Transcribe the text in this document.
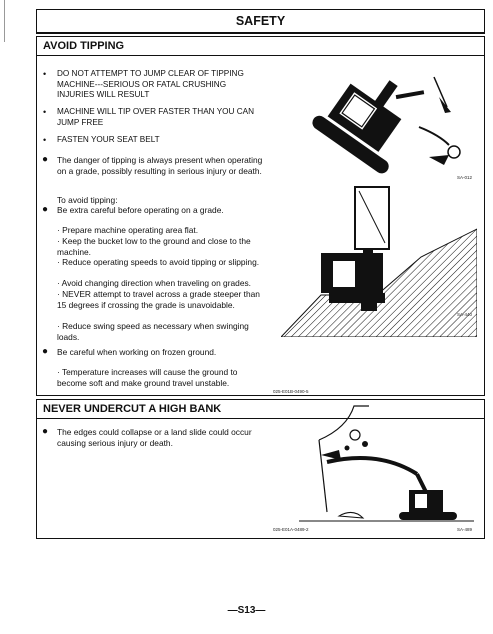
SAFETY
AVOID TIPPING
• DO NOT ATTEMPT TO JUMP CLEAR OF TIPPING MACHINE---SERIOUS OR FATAL CRUSHING INJURIES WILL RESULT
• MACHINE WILL TIP OVER FASTER THAN YOU CAN JUMP FREE
• FASTEN YOUR SEAT BELT
● The danger of tipping is always present when operating on a grade, possibly resulting in serious injury or death.
To avoid tipping:
● Be extra careful before operating on a grade.
· Prepare machine operating area flat.
· Keep the bucket low to the ground and close to the machine.
· Reduce operating speeds to avoid tipping or slipping.
· Avoid changing direction when traveling on grades.
· NEVER attempt to travel across a grade steeper than 15 degrees if crossing the grade is unavoidable.
· Reduce swing speed as necessary when swinging loads.
● Be careful when working on frozen ground.
· Temperature increases will cause the ground to become soft and make ground travel unstable.
025-E01B-0490-5
SA-012
SA-440
NEVER UNDERCUT A HIGH BANK
● The edges could collapse or a land slide could occur causing serious injury or death.
025-E01A-0489-2	SA-489
—S13—
